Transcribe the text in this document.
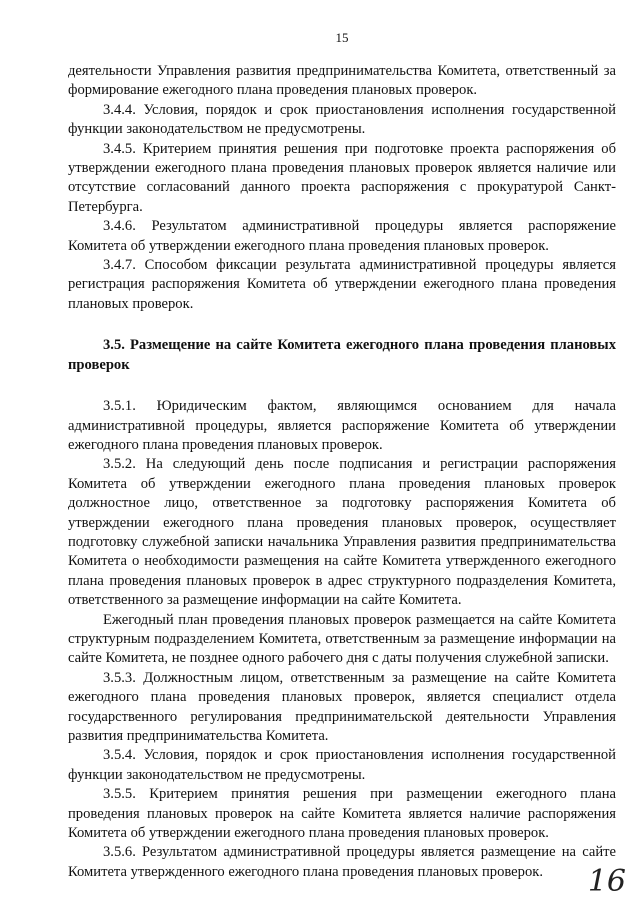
15

деятельности Управления развития предпринимательства Комитета, ответственный за формирование ежегодного плана проведения плановых проверок.

3.4.4. Условия, порядок и срок приостановления исполнения государственной функции законодательством не предусмотрены.

3.4.5. Критерием принятия решения при подготовке проекта распоряжения об утверждении ежегодного плана проведения плановых проверок является наличие или отсутствие согласований данного проекта распоряжения с прокуратурой Санкт-Петербурга.

3.4.6. Результатом административной процедуры является распоряжение Комитета об утверждении ежегодного плана проведения плановых проверок.

3.4.7. Способом фиксации результата административной процедуры является регистрация распоряжения Комитета об утверждении ежегодного плана проведения плановых проверок.

3.5. Размещение на сайте Комитета ежегодного плана проведения плановых проверок

3.5.1. Юридическим фактом, являющимся основанием для начала административной процедуры, является распоряжение Комитета об утверждении ежегодного плана проведения плановых проверок.

3.5.2. На следующий день после подписания и регистрации распоряжения Комитета об утверждении ежегодного плана проведения плановых проверок должностное лицо, ответственное за подготовку распоряжения Комитета об утверждении ежегодного плана проведения плановых проверок, осуществляет подготовку служебной записки начальника Управления развития предпринимательства Комитета о необходимости размещения на сайте Комитета утвержденного ежегодного плана проведения плановых проверок в адрес структурного подразделения Комитета, ответственного за размещение информации на сайте Комитета.

Ежегодный план проведения плановых проверок размещается на сайте Комитета структурным подразделением Комитета, ответственным за размещение информации на сайте Комитета, не позднее одного рабочего дня с даты получения служебной записки.

3.5.3. Должностным лицом, ответственным за размещение на сайте Комитета ежегодного плана проведения плановых проверок, является специалист отдела государственного регулирования предпринимательской деятельности Управления развития предпринимательства Комитета.

3.5.4. Условия, порядок и срок приостановления исполнения государственной функции законодательством не предусмотрены.

3.5.5. Критерием принятия решения при размещении ежегодного плана проведения плановых проверок на сайте Комитета является наличие распоряжения Комитета об утверждении ежегодного плана проведения плановых проверок.

3.5.6. Результатом административной процедуры является размещение на сайте Комитета утвержденного ежегодного плана проведения плановых проверок.	16
